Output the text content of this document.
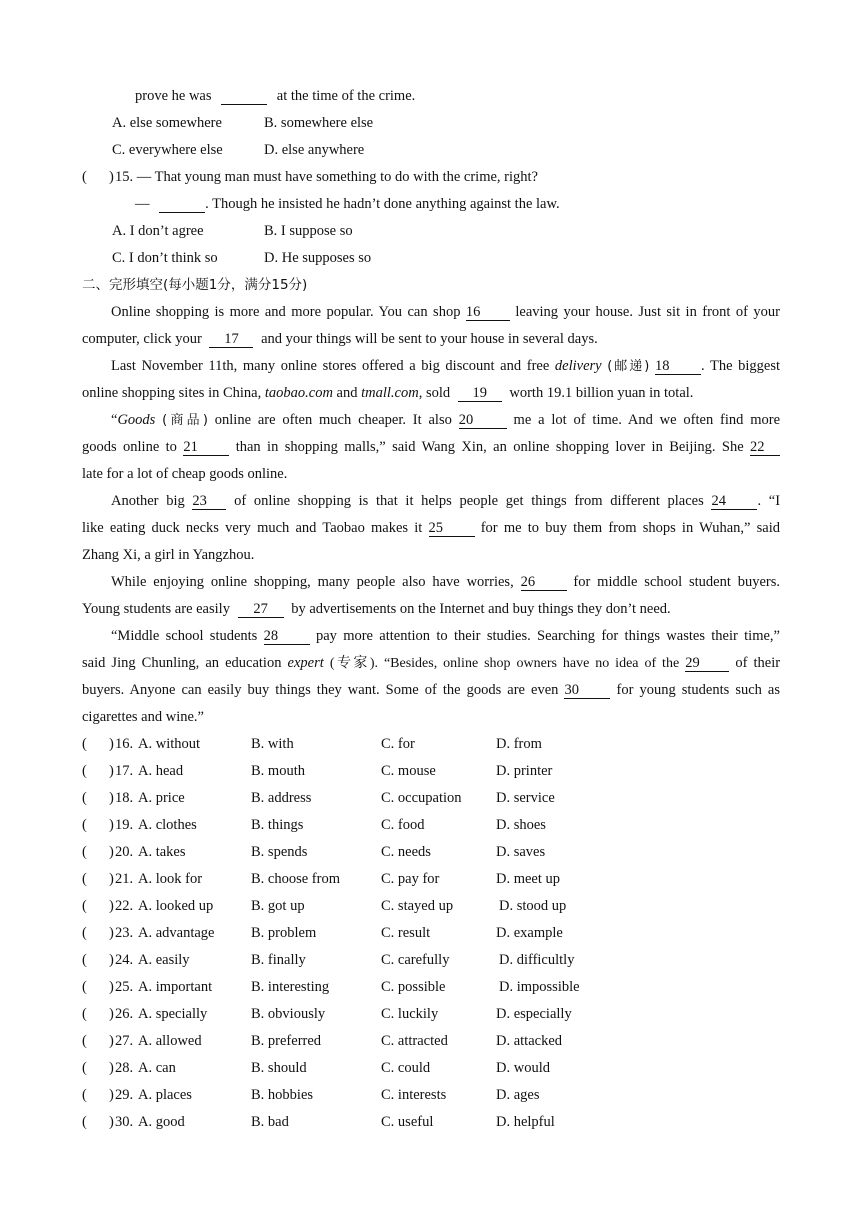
prove he was	at the time of the crime.
A. else somewhere	B. somewhere else
C. everywhere else	D. else anywhere
(
) 15. — That young man must have something to do with the crime, right?
—	. Though he insisted he hadn’t done anything against the law.
A. I don’t agree	B. I suppose so
C. I don’t think so	D. He supposes so
二、完形填空(每小题1分，满分15分)
Online shopping is more and more popular. You can shop 16 leaving your house. Just sit in front of your
computer, click your 17 and your things will be sent to your house in several days.
Last November 11th, many online stores offered a big discount and free delivery (邮递) 18 . The biggest
online shopping sites in China, taobao.com and tmall.com, sold 19 worth 19.1 billion yuan in total.
“Goods (商品) online are often much cheaper. It also 20	me a lot of time. And we often find more
goods online to 21	than in shopping malls,” said Wang Xin, an online shopping lover in Beijing. She 22
late for a lot of cheap goods online.
Another big 23 of online shopping is that it helps people get things from different places 24 . “I
like eating duck necks very much and Taobao makes it 25	for me to buy them from shops in Wuhan,” said
Zhang Xi, a girl in Yangzhou.
While enjoying online shopping, many people also have worries, 26	for middle school student buyers.
Young students are easily 27 by advertisements on the Internet and buy things they don’t need.
“Middle school students 28	pay more attention to their studies. Searching for things wastes their time,”
said Jing Chunling, an education expert (专家). “Besides, online shop owners have no idea of the 29 of their
buyers. Anyone can easily buy things they want. Some of the goods are even 30	for young students such as
cigarettes and wine.”
(
) 16. A. without	B. with	C. for	D. from
(
) 17. A. head	B. mouth	C. mouse	D. printer
(
) 18. A. price	B. address	C. occupation D. service
(
) 19. A. clothes	B. things	C. food	D. shoes
(
) 20. A. takes	B. spends	C. needs	D. saves
(
) 21. A. look for	B. choose from	C. pay for	D. meet up
(
) 22. A. looked up	B. got up	C. stayed up	D. stood up
(
) 23. A. advantage	B. problem	C. result	D. example
(
) 24. A. easily	B. finally	C. carefully	D. difficultly
(
) 25. A. important	B. interesting	C. possible	D. impossible
(
) 26. A. specially	B. obviously	C. luckily	D. especially
(
) 27. A. allowed	B. preferred	C. attracted	D. attacked
(
) 28. A. can	B. should	C. could	D. would
(
) 29. A. places	B. hobbies	C. interests	D. ages
(
) 30. A. good	B. bad	C. useful	D. helpful
